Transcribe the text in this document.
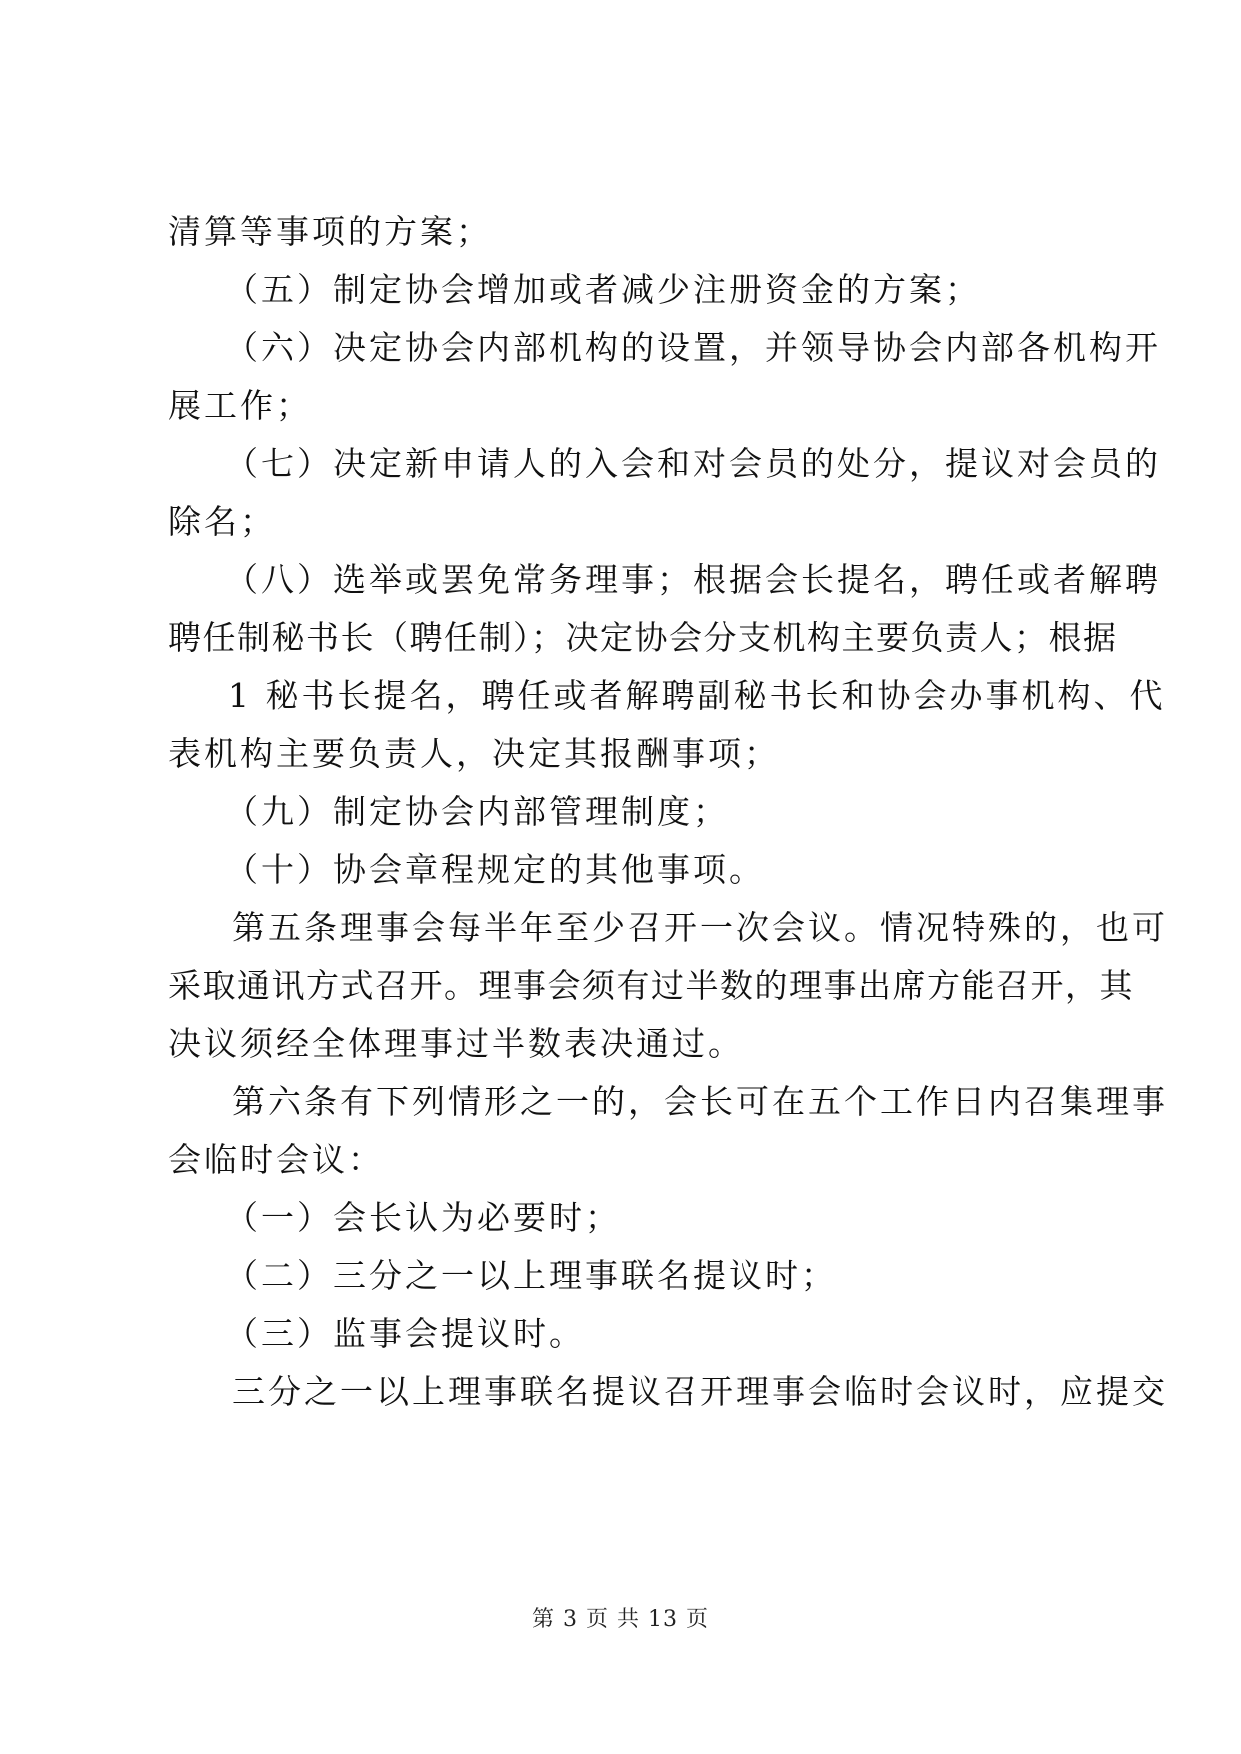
清算等事项的方案；
（五）制定协会增加或者减少注册资金的方案；
（六）决定协会内部机构的设置，并领导协会内部各机构开
展工作；
（七）决定新申请人的入会和对会员的处分，提议对会员的
除名；
（八）选举或罢免常务理事；根据会长提名，聘任或者解聘
聘任制秘书长（聘任制）；决定协会分支机构主要负责人；根据
1 秘书长提名，聘任或者解聘副秘书长和协会办事机构、代
表机构主要负责人，决定其报酬事项；
（九）制定协会内部管理制度；
（十）协会章程规定的其他事项。
第五条理事会每半年至少召开一次会议。情况特殊的，也可
采取通讯方式召开。理事会须有过半数的理事出席方能召开，其
决议须经全体理事过半数表决通过。
第六条有下列情形之一的，会长可在五个工作日内召集理事
会临时会议：
（一）会长认为必要时；
（二）三分之一以上理事联名提议时；
（三）监事会提议时。
三分之一以上理事联名提议召开理事会临时会议时，应提交
第 3 页 共 13 页
